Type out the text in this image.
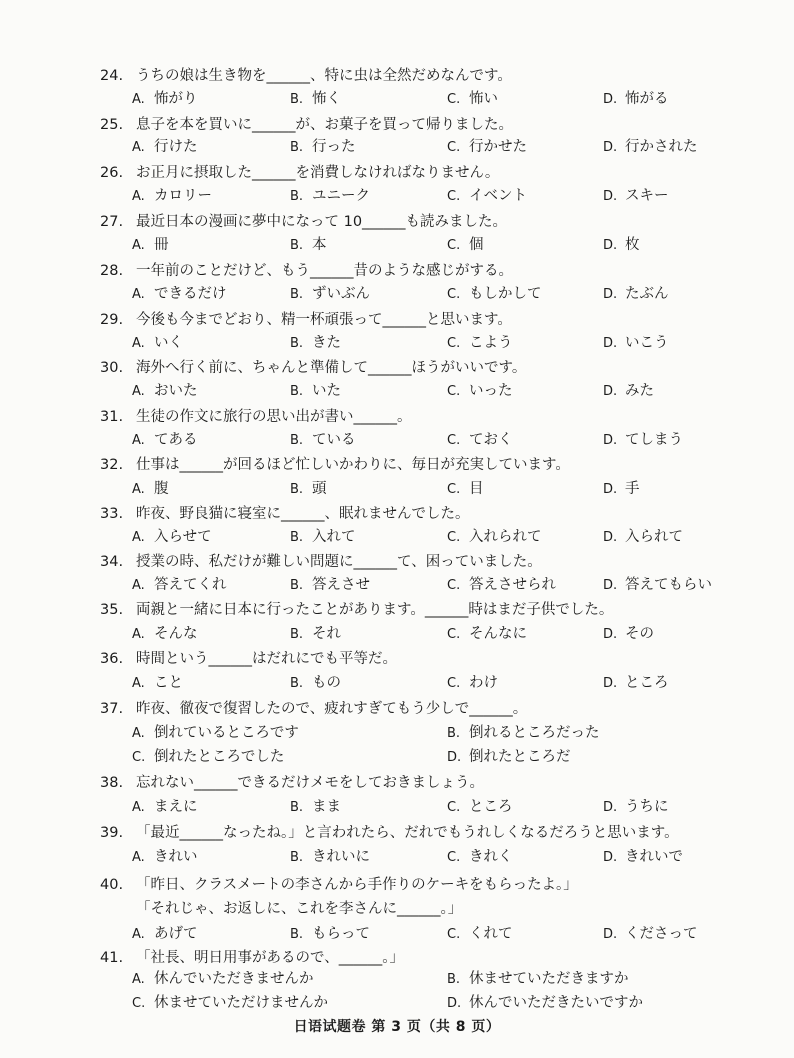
24. うちの娘は生き物を______、特に虫は全然だめなんです。
A. 怖がり	B. 怖く	C. 怖い	D. 怖がる
25. 息子を本を買いに______が、お菓子を買って帰りました。
A. 行けた	B. 行った	C. 行かせた	D. 行かされた
26. お正月に摂取した______を消費しなければなりません。
A. カロリー	B. ユニーク	C. イベント	D. スキー
27. 最近日本の漫画に夢中になって 10______も読みました。
A. 冊	B. 本	C. 個	D. 枚
28. 一年前のことだけど、もう______昔のような感じがする。
A. できるだけ	B. ずいぶん	C. もしかして	D. たぶん
29. 今後も今までどおり、精一杯頑張って______と思います。
A. いく	B. きた	C. こよう	D. いこう
30. 海外へ行く前に、ちゃんと準備して______ほうがいいです。
A. おいた	B. いた	C. いった	D. みた
31. 生徒の作文に旅行の思い出が書い______。
A. てある	B. ている	C. ておく	D. てしまう
32. 仕事は______が回るほど忙しいかわりに、毎日が充実しています。
A. 腹	B. 頭	C. 目	D. 手
33. 昨夜、野良猫に寝室に______、眠れませんでした。
A. 入らせて	B. 入れて	C. 入れられて	D. 入られて
34. 授業の時、私だけが難しい問題に______て、困っていました。
A. 答えてくれ	B. 答えさせ	C. 答えさせられ	D. 答えてもらい
35. 両親と一緒に日本に行ったことがあります。______時はまだ子供でした。
A. そんな	B. それ	C. そんなに	D. その
36. 時間という______はだれにでも平等だ。
A. こと	B. もの	C. わけ	D. ところ
37. 昨夜、徹夜で復習したので、疲れすぎてもう少しで______。
A. 倒れているところです	B. 倒れるところだった
C. 倒れたところでした	D. 倒れたところだ
38. 忘れない______できるだけメモをしておきましょう。
A. まえに	B. まま	C. ところ	D. うちに
39. 「最近______なったね。」と言われたら、だれでもうれしくなるだろうと思います。
A. きれい	B. きれいに	C. きれく	D. きれいで
40. 「昨日、クラスメートの李さんから手作りのケーキをもらったよ。」
「それじゃ、お返しに、これを李さんに______。」
A. あげて	B. もらって	C. くれて	D. くださって
41. 「社長、明日用事があるので、______。」
A. 休んでいただきませんか	B. 休ませていただきますか
C. 休ませていただけませんか	D. 休んでいただきたいですか
日语试题卷 第 3 页（共 8 页）
